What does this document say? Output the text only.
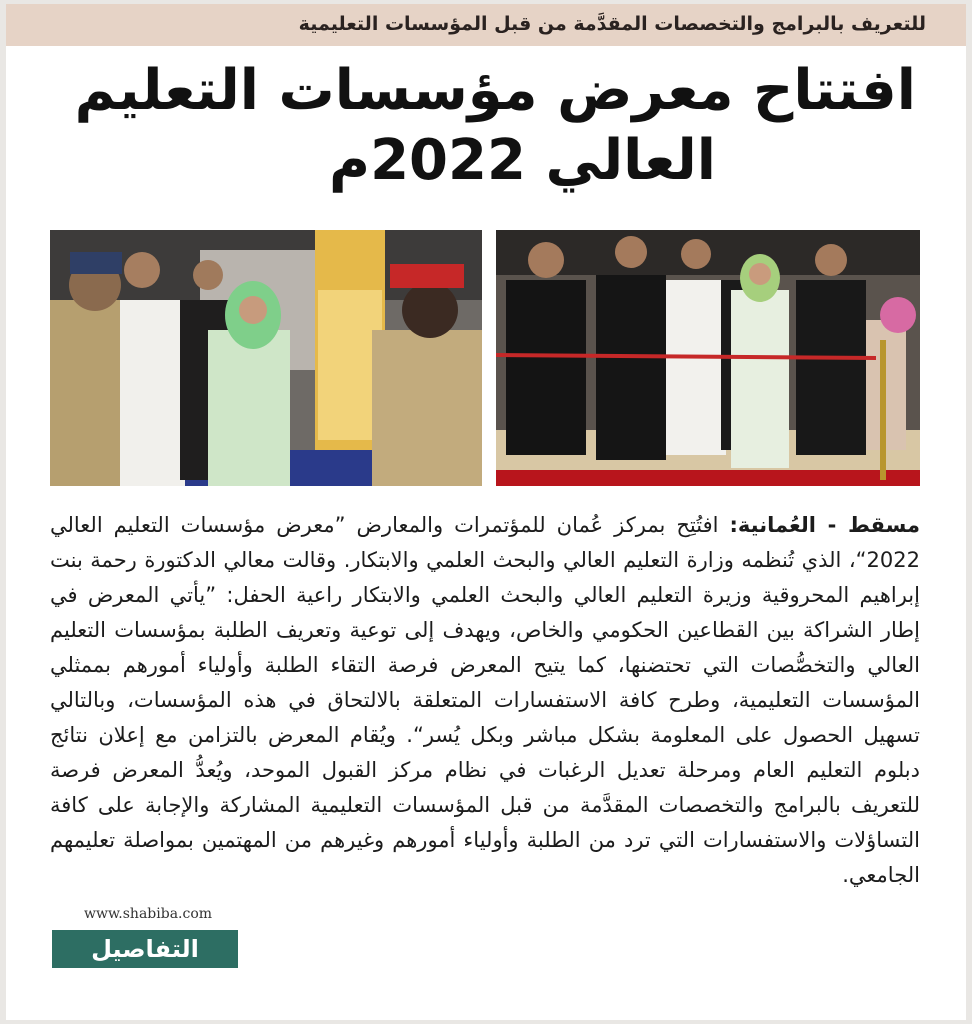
للتعريف بالبرامج والتخصصات المقدَّمة من قبل المؤسسات التعليمية
افتتاح معرض مؤسسات التعليم
العالي 2022م
مسقط - العُمانية: افتُتِح بمركز عُمان للمؤتمرات والمعارض ”معرض مؤسسات التعليم العالي 2022“، الذي تُنظمه وزارة التعليم العالي والبحث العلمي والابتكار. وقالت معالي الدكتورة رحمة بنت إبراهيم المحروقية وزيرة التعليم العالي والبحث العلمي والابتكار راعية الحفل: ”يأتي المعرض في إطار الشراكة بين القطاعين الحكومي والخاص، ويهدف إلى توعية وتعريف الطلبة بمؤسسات التعليم العالي والتخصُّصات التي تحتضنها، كما يتيح المعرض فرصة التقاء الطلبة وأولياء أمورهم بممثلي المؤسسات التعليمية، وطرح كافة الاستفسارات المتعلقة بالالتحاق في هذه المؤسسات، وبالتالي تسهيل الحصول على المعلومة بشكل مباشر وبكل يُسر“. ويُقام المعرض بالتزامن مع إعلان نتائج دبلوم التعليم العام ومرحلة تعديل الرغبات في نظام مركز القبول الموحد، ويُعدُّ المعرض فرصة للتعريف بالبرامج والتخصصات المقدَّمة من قبل المؤسسات التعليمية المشاركة والإجابة على كافة التساؤلات والاستفسارات التي ترد من الطلبة وأولياء أمورهم وغيرهم من المهتمين بمواصلة تعليمهم الجامعي.
www.shabiba.com
التفاصيل
